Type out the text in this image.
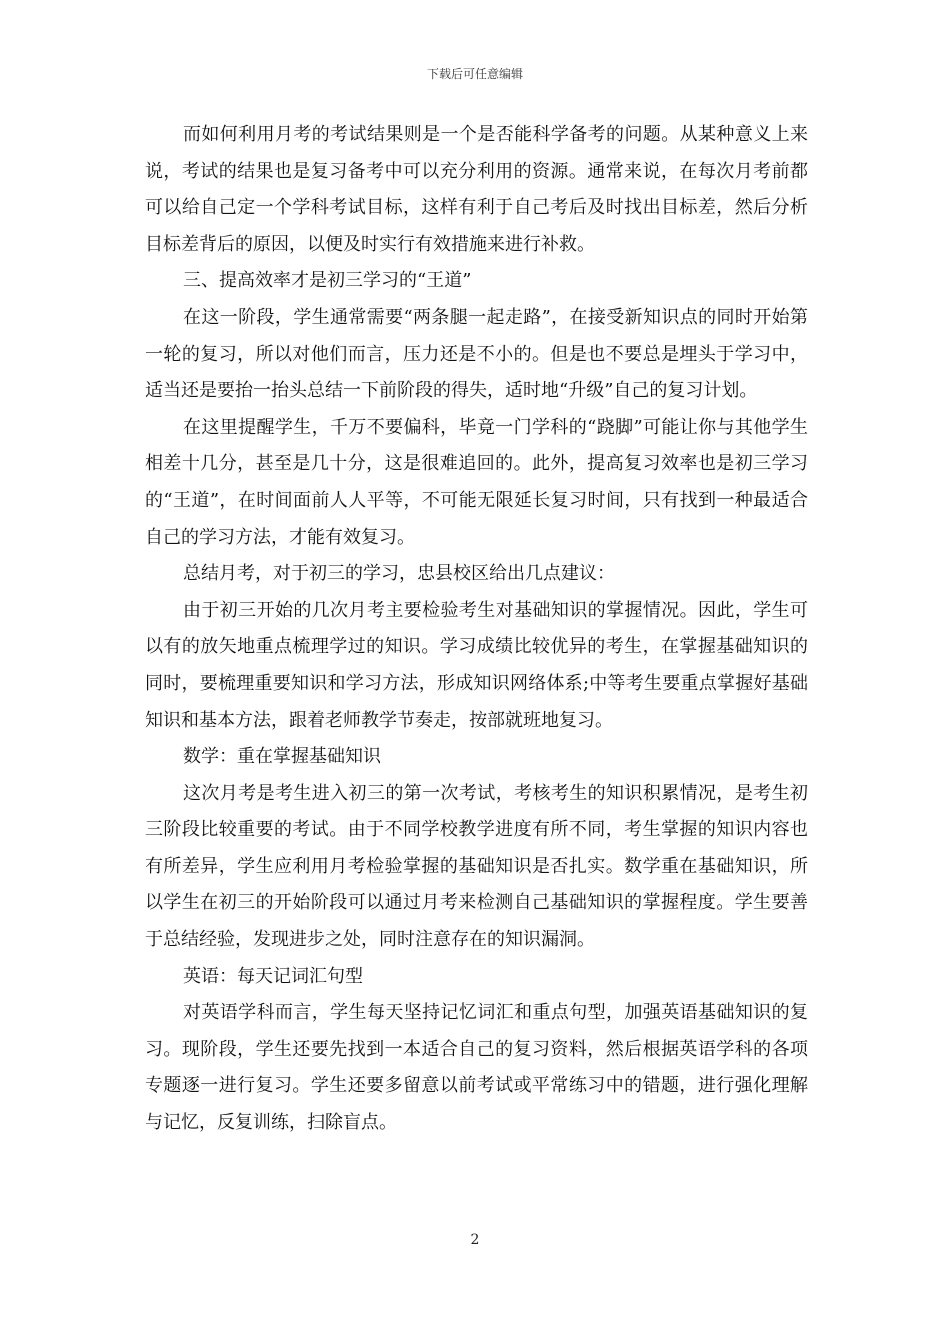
下载后可任意编辑

而如何利用月考的考试结果则是一个是否能科学备考的问题。从某种意义上来说，考试的结果也是复习备考中可以充分利用的资源。通常来说，在每次月考前都可以给自己定一个学科考试目标，这样有利于自己考后及时找出目标差，然后分析目标差背后的原因，以便及时实行有效措施来进行补救。

三、提高效率才是初三学习的“王道”

在这一阶段，学生通常需要“两条腿一起走路”，在接受新知识点的同时开始第一轮的复习，所以对他们而言，压力还是不小的。但是也不要总是埋头于学习中，适当还是要抬一抬头总结一下前阶段的得失，适时地“升级”自己的复习计划。

在这里提醒学生，千万不要偏科，毕竟一门学科的“跷脚”可能让你与其他学生相差十几分，甚至是几十分，这是很难追回的。此外，提高复习效率也是初三学习的“王道”，在时间面前人人平等，不可能无限延长复习时间，只有找到一种最适合自己的学习方法，才能有效复习。

总结月考，对于初三的学习，忠县校区给出几点建议：

由于初三开始的几次月考主要检验考生对基础知识的掌握情况。因此，学生可以有的放矢地重点梳理学过的知识。学习成绩比较优异的考生，在掌握基础知识的同时，要梳理重要知识和学习方法，形成知识网络体系;中等考生要重点掌握好基础知识和基本方法，跟着老师教学节奏走，按部就班地复习。

数学：重在掌握基础知识

这次月考是考生进入初三的第一次考试，考核考生的知识积累情况，是考生初三阶段比较重要的考试。由于不同学校教学进度有所不同，考生掌握的知识内容也有所差异，学生应利用月考检验掌握的基础知识是否扎实。数学重在基础知识，所以学生在初三的开始阶段可以通过月考来检测自己基础知识的掌握程度。学生要善于总结经验，发现进步之处，同时注意存在的知识漏洞。

英语：每天记词汇句型

对英语学科而言，学生每天坚持记忆词汇和重点句型，加强英语基础知识的复习。现阶段，学生还要先找到一本适合自己的复习资料，然后根据英语学科的各项专题逐一进行复习。学生还要多留意以前考试或平常练习中的错题，进行强化理解与记忆，反复训练，扫除盲点。

2
